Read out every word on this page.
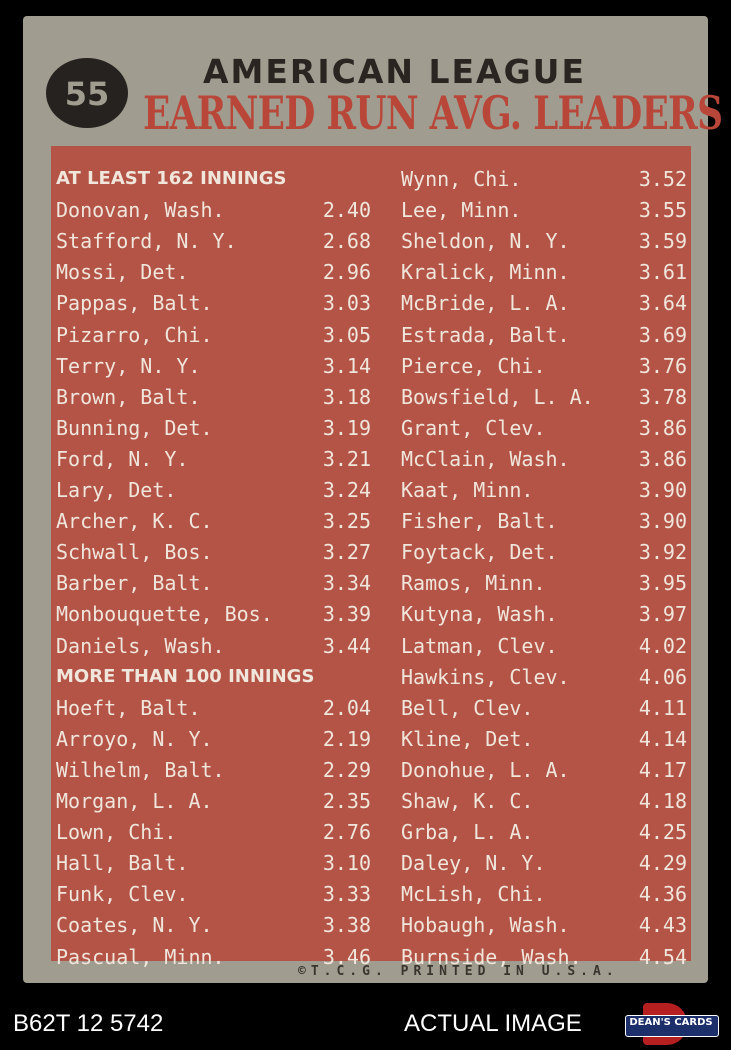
55
AMERICAN LEAGUE
EARNED RUN AVG. LEADERS
AT LEAST 162 INNINGS
Donovan, Wash.	2.40
Stafford, N. Y.	2.68
Mossi, Det.	2.96
Pappas, Balt.	3.03
Pizarro, Chi.	3.05
Terry, N. Y.	3.14
Brown, Balt.	3.18
Bunning, Det.	3.19
Ford, N. Y.	3.21
Lary, Det.	3.24
Archer, K. C.	3.25
Schwall, Bos.	3.27
Barber, Balt.	3.34
Monbouquette, Bos.	3.39
Daniels, Wash.	3.44
MORE THAN 100 INNINGS
Hoeft, Balt.	2.04
Arroyo, N. Y.	2.19
Wilhelm, Balt.	2.29
Morgan, L. A.	2.35
Lown, Chi.	2.76
Hall, Balt.	3.10
Funk, Clev.	3.33
Coates, N. Y.	3.38
Pascual, Minn.	3.46
Wynn, Chi.	3.52
Lee, Minn.	3.55
Sheldon, N. Y.	3.59
Kralick, Minn.	3.61
McBride, L. A.	3.64
Estrada, Balt.	3.69
Pierce, Chi.	3.76
Bowsfield, L. A. 3.78
Grant, Clev.	3.86
McClain, Wash.	3.86
Kaat, Minn.	3.90
Fisher, Balt.	3.90
Foytack, Det.	3.92
Ramos, Minn.	3.95
Kutyna, Wash.	3.97
Latman, Clev.	4.02
Hawkins, Clev.	4.06
Bell, Clev.	4.11
Kline, Det.	4.14
Donohue, L. A.	4.17
Shaw, K. C.	4.18
Grba, L. A.	4.25
Daley, N. Y.	4.29
McLish, Chi.	4.36
Hobaugh, Wash.	4.43
Burnside, Wash.	4.54
©T.C.G. PRINTED IN U.S.A.
B62T 12 5742	ACTUAL IMAGE	DEAN'S CARDS
